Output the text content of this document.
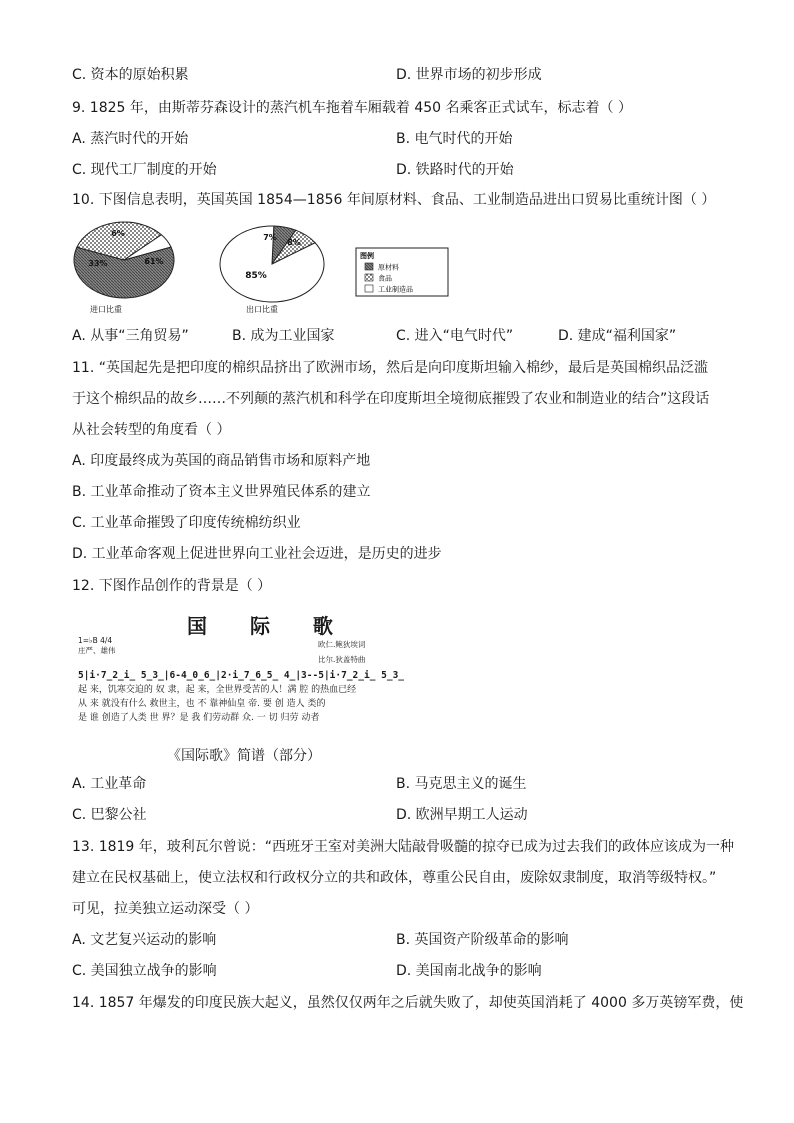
C. 资本的原始积累	D. 世界市场的初步形成
9. 1825 年，由斯蒂芬森设计的蒸汽机车拖着车厢载着 450 名乘客正式试车，标志着（ ）
A. 蒸汽时代的开始	B. 电气时代的开始
C. 现代工厂制度的开始	D. 铁路时代的开始
10. 下图信息表明，英国英国 1854—1856 年间原材料、食品、工业制造品进出口贸易比重统计图（ ）
61%
33%
6%	7%
8%
85%
进口比重	出口比重
图例
原材料
食品
工业制造品
A. 从事“三角贸易”	B. 成为工业国家	C. 进入“电气时代”	D. 建成“福利国家”
11. “英国起先是把印度的棉织品挤出了欧洲市场，然后是向印度斯坦输入棉纱，最后是英国棉织品泛滥
于这个棉织品的故乡……不列颠的蒸汽机和科学在印度斯坦全境彻底摧毁了农业和制造业的结合”这段话
从社会转型的角度看（ ）
A. 印度最终成为英国的商品销售市场和原料产地
B. 工业革命推动了资本主义世界殖民体系的建立
C. 工业革命摧毁了印度传统棉纺织业
D. 工业革命客观上促进世界向工业社会迈进，是历史的进步
12. 下图作品创作的背景是（ ）
国 际 歌
1=♭B 4/4
庄严、雄伟
欧仁.鲍狄埃词
比尔.狄盖特曲
5|i·7̲2̲i̲ 5̲3̲|6-4̲0̲6̲|2·i̲7̲6̲5̲ 4̲|3--5|i·7̲2̲i̲ 5̲3̲
起 来，饥寒交迫的 奴 隶，起 来，全世界受苦的人！满 腔 的热血已经
从 来 就没有什么 救世主，也 不 靠神仙皇 帝. 要 创 造人 类的
是 谁 创造了人类 世 界？是 我 们劳动群 众. 一 切 归劳 动者
《国际歌》简谱（部分）
A. 工业革命	B. 马克思主义的诞生
C. 巴黎公社	D. 欧洲早期工人运动
13. 1819 年，玻利瓦尔曾说：“西班牙王室对美洲大陆敲骨吸髓的掠夺已成为过去我们的政体应该成为一种
建立在民权基础上，使立法权和行政权分立的共和政体，尊重公民自由，废除奴隶制度，取消等级特权。”
可见，拉美独立运动深受（ ）
A. 文艺复兴运动的影响	B. 英国资产阶级革命的影响
C. 美国独立战争的影响	D. 美国南北战争的影响
14. 1857 年爆发的印度民族大起义，虽然仅仅两年之后就失败了，却使英国消耗了 4000 多万英镑军费，使
